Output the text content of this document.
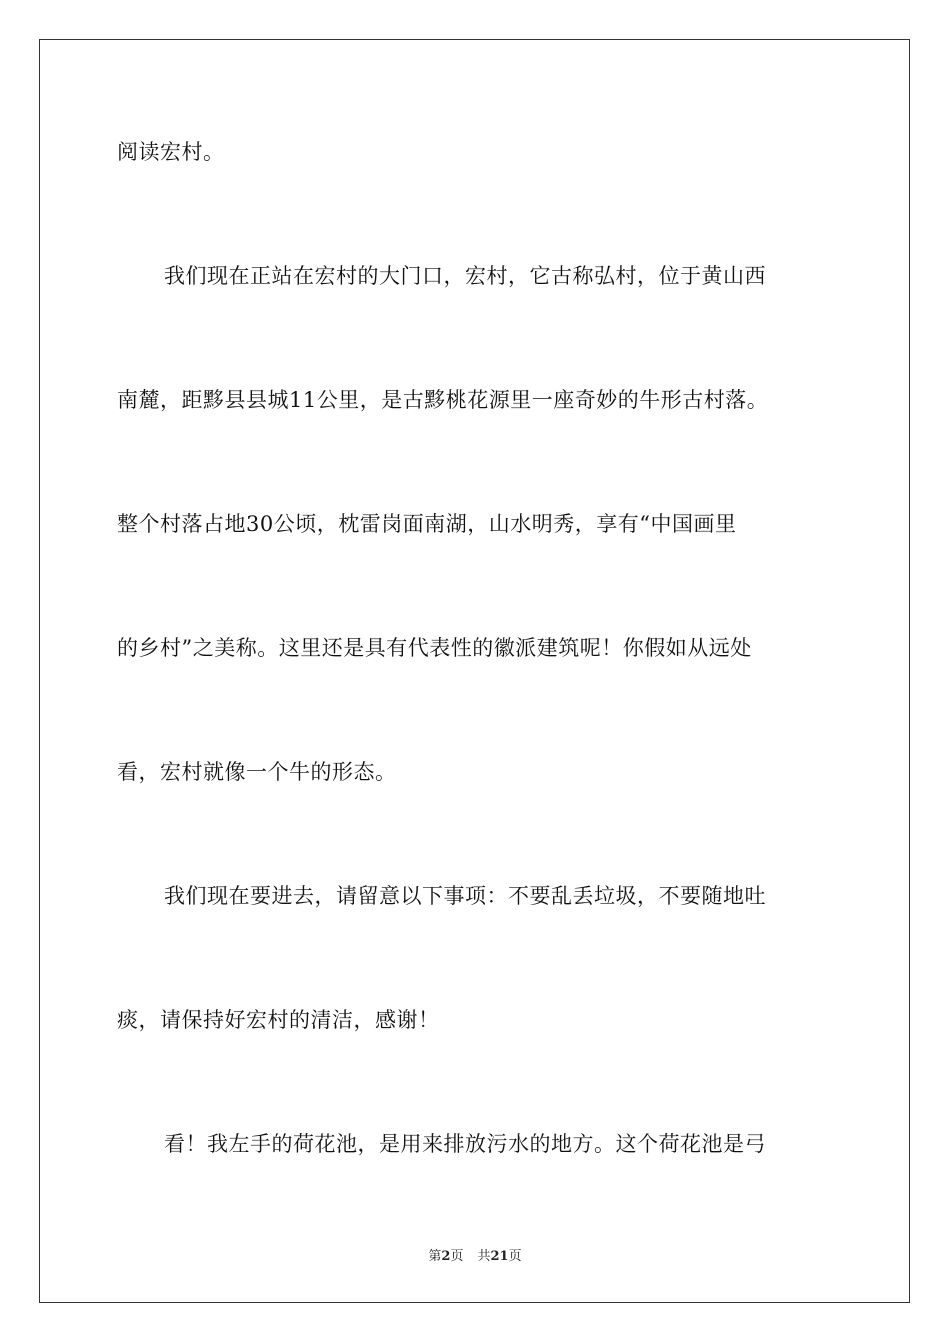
阅读宏村。
我们现在正站在宏村的大门口，宏村，它古称弘村，位于黄山西
南麓，距黟县县城11公里，是古黟桃花源里一座奇妙的牛形古村落。
整个村落占地30公顷，枕雷岗面南湖，山水明秀，享有“中国画里
的乡村”之美称。这里还是具有代表性的徽派建筑呢！你假如从远处
看，宏村就像一个牛的形态。
我们现在要进去，请留意以下事项：不要乱丢垃圾，不要随地吐
痰，请保持好宏村的清洁，感谢！
看！我左手的荷花池，是用来排放污水的地方。这个荷花池是弓
第2页 共21页
